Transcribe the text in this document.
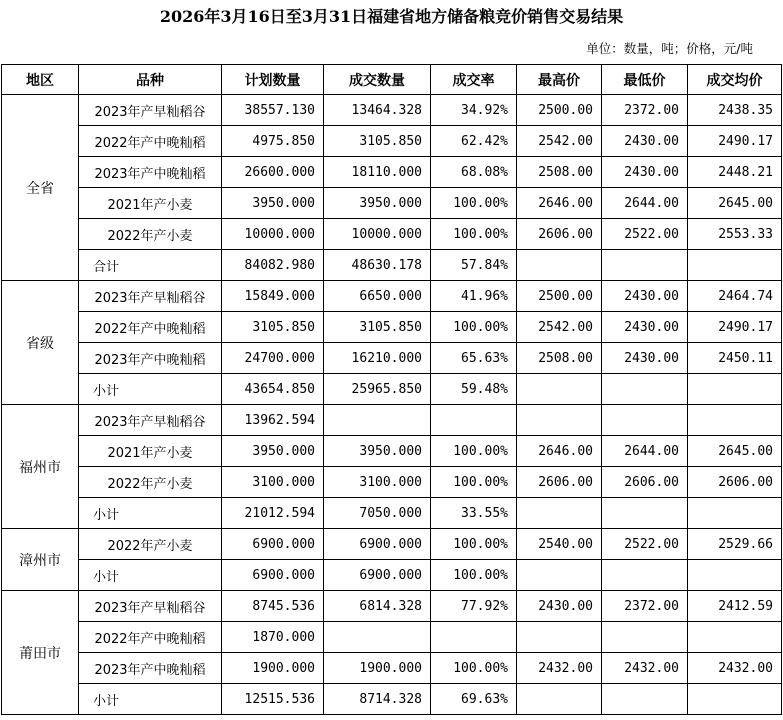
2026年3月16日至3月31日福建省地方储备粮竞价销售交易结果
单位：数量，吨；价格，元/吨
地区	品种	计划数量	成交数量	成交率	最高价	最低价	成交均价
全省	2023年产早籼稻谷	38557.130	13464.328	34.92%	2500.00	2372.00	2438.35
	2022年产中晚籼稻	4975.850	3105.850	62.42%	2542.00	2430.00	2490.17
	2023年产中晚籼稻	26600.000	18110.000	68.08%	2508.00	2430.00	2448.21
	2021年产小麦	3950.000	3950.000	100.00%	2646.00	2644.00	2645.00
	2022年产小麦	10000.000	10000.000	100.00%	2606.00	2522.00	2553.33
	合计	84082.980	48630.178	57.84%			
省级	2023年产早籼稻谷	15849.000	6650.000	41.96%	2500.00	2430.00	2464.74
	2022年产中晚籼稻	3105.850	3105.850	100.00%	2542.00	2430.00	2490.17
	2023年产中晚籼稻	24700.000	16210.000	65.63%	2508.00	2430.00	2450.11
	小计	43654.850	25965.850	59.48%			
福州市	2023年产早籼稻谷	13962.594					
	2021年产小麦	3950.000	3950.000	100.00%	2646.00	2644.00	2645.00
	2022年产小麦	3100.000	3100.000	100.00%	2606.00	2606.00	2606.00
	小计	21012.594	7050.000	33.55%			
漳州市	2022年产小麦	6900.000	6900.000	100.00%	2540.00	2522.00	2529.66
	小计	6900.000	6900.000	100.00%			
莆田市	2023年产早籼稻谷	8745.536	6814.328	77.92%	2430.00	2372.00	2412.59
	2022年产中晚籼稻	1870.000					
	2023年产中晚籼稻	1900.000	1900.000	100.00%	2432.00	2432.00	2432.00
	小计	12515.536	8714.328	69.63%			
